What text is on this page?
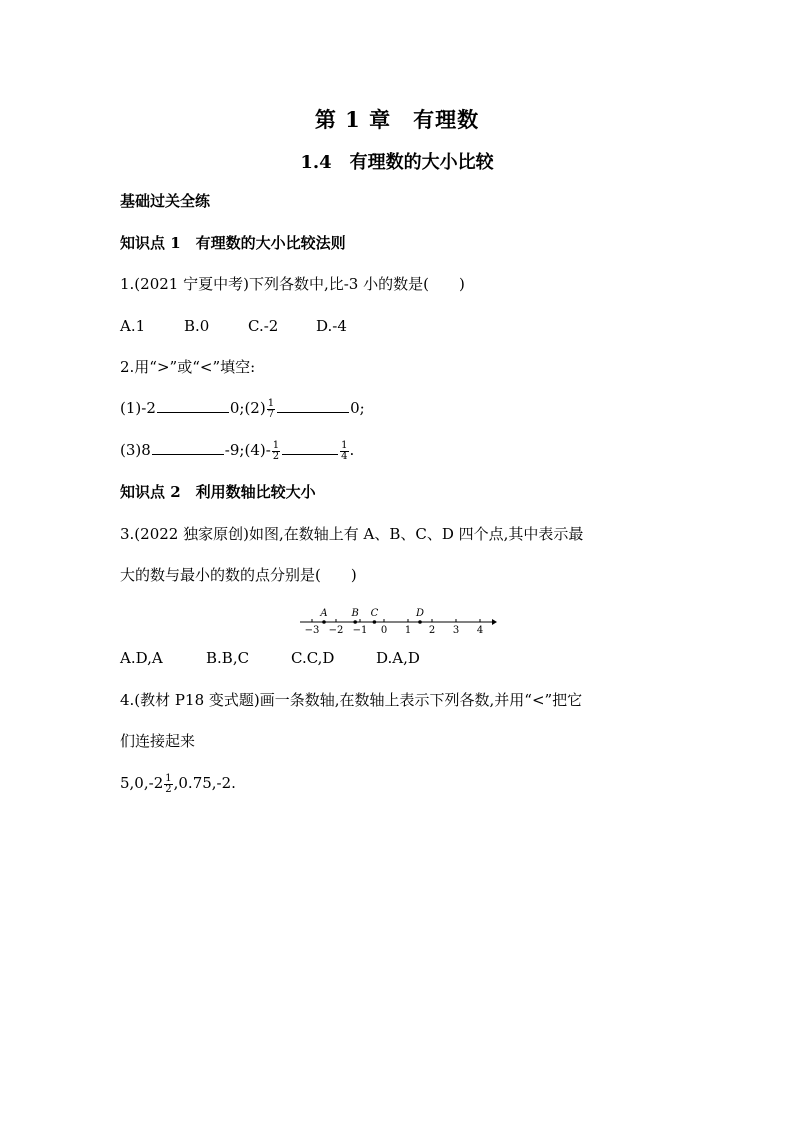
第 1 章　有理数
1.4　有理数的大小比较
基础过关全练
知识点 1　有理数的大小比较法则
1.(2021 宁夏中考)下列各数中,比-3 小的数是(　　)
A.1	B.0	C.-2	D.-4
2.用“>”或“<”填空:
(1)-2	0;(2) $\frac{1}{7}$	0;
(3)8	-9;(4)- $\frac{1}{2}$	$\frac{1}{4}$ .
知识点 2　利用数轴比较大小
3.(2022 独家原创)如图,在数轴上有 A、B、C、D 四个点,其中表示最
大的数与最小的数的点分别是(　　)
−3 −2 −1 0 1 2 3 4
A B C	D
A.D,A	B.B,C	C.C,D	D.A,D
4.(教材 P18 变式题)画一条数轴,在数轴上表示下列各数,并用“<”把它
们连接起来
$5,0,-2 \frac{1}{2} ,0.75,-2$.
